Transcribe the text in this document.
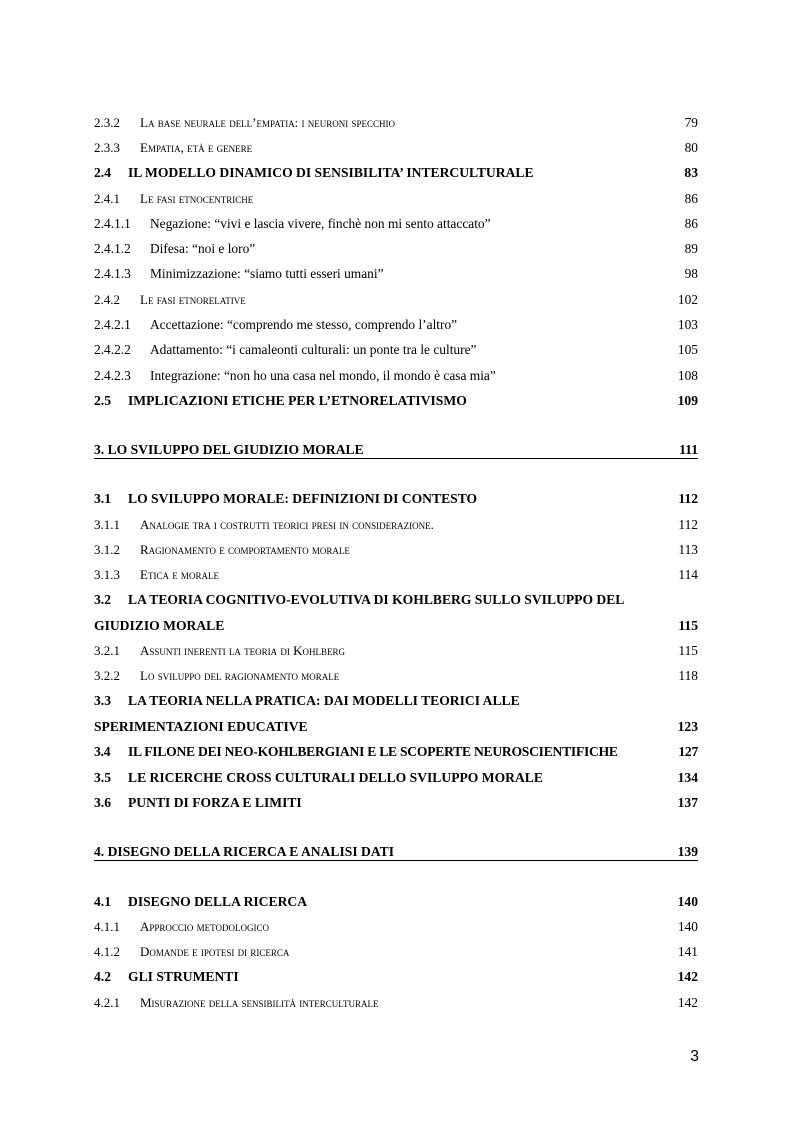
2.3.2 La base neurale dell’empatia: i neuroni specchio	79
2.3.3 Empatia, età e genere	80
2.4 IL MODELLO DINAMICO DI SENSIBILITA’ INTERCULTURALE	83
2.4.1 Le fasi etnocentriche	86
2.4.1.1 Negazione: “vivi e lascia vivere, finchè non mi sento attaccato”	86
2.4.1.2 Difesa: “noi e loro”	89
2.4.1.3 Minimizzazione: “siamo tutti esseri umani”	98
2.4.2 Le fasi etnorelative	102
2.4.2.1 Accettazione: “comprendo me stesso, comprendo l’altro”	103
2.4.2.2 Adattamento: “i camaleonti culturali: un ponte tra le culture”	105
2.4.2.3 Integrazione: “non ho una casa nel mondo, il mondo è casa mia”	108
2.5 IMPLICAZIONI ETICHE PER L’ETNORELATIVISMO	109
3. LO SVILUPPO DEL GIUDIZIO MORALE	111
3.1 LO SVILUPPO MORALE: DEFINIZIONI DI CONTESTO	112
3.1.1 Analogie tra i costrutti teorici presi in considerazione.	112
3.1.2 Ragionamento e comportamento morale	113
3.1.3 Etica e morale	114
3.2 LA TEORIA COGNITIVO-EVOLUTIVA DI KOHLBERG SULLO SVILUPPO DEL
GIUDIZIO MORALE	115
3.2.1 Assunti inerenti la teoria di Kohlberg	115
3.2.2 Lo sviluppo del ragionamento morale	118
3.3 LA TEORIA NELLA PRATICA: DAI MODELLI TEORICI ALLE
SPERIMENTAZIONI EDUCATIVE	123
3.4 IL FILONE DEI NEO-KOHLBERGIANI E LE SCOPERTE NEUROSCIENTIFICHE	127
3.5 LE RICERCHE CROSS CULTURALI DELLO SVILUPPO MORALE	134
3.6 PUNTI DI FORZA E LIMITI	137
4. DISEGNO DELLA RICERCA E ANALISI DATI	139
4.1 DISEGNO DELLA RICERCA	140
4.1.1 Approccio metodologico	140
4.1.2 Domande e ipotesi di ricerca	141
4.2 GLI STRUMENTI	142
4.2.1 Misurazione della sensibilità interculturale	142
3
